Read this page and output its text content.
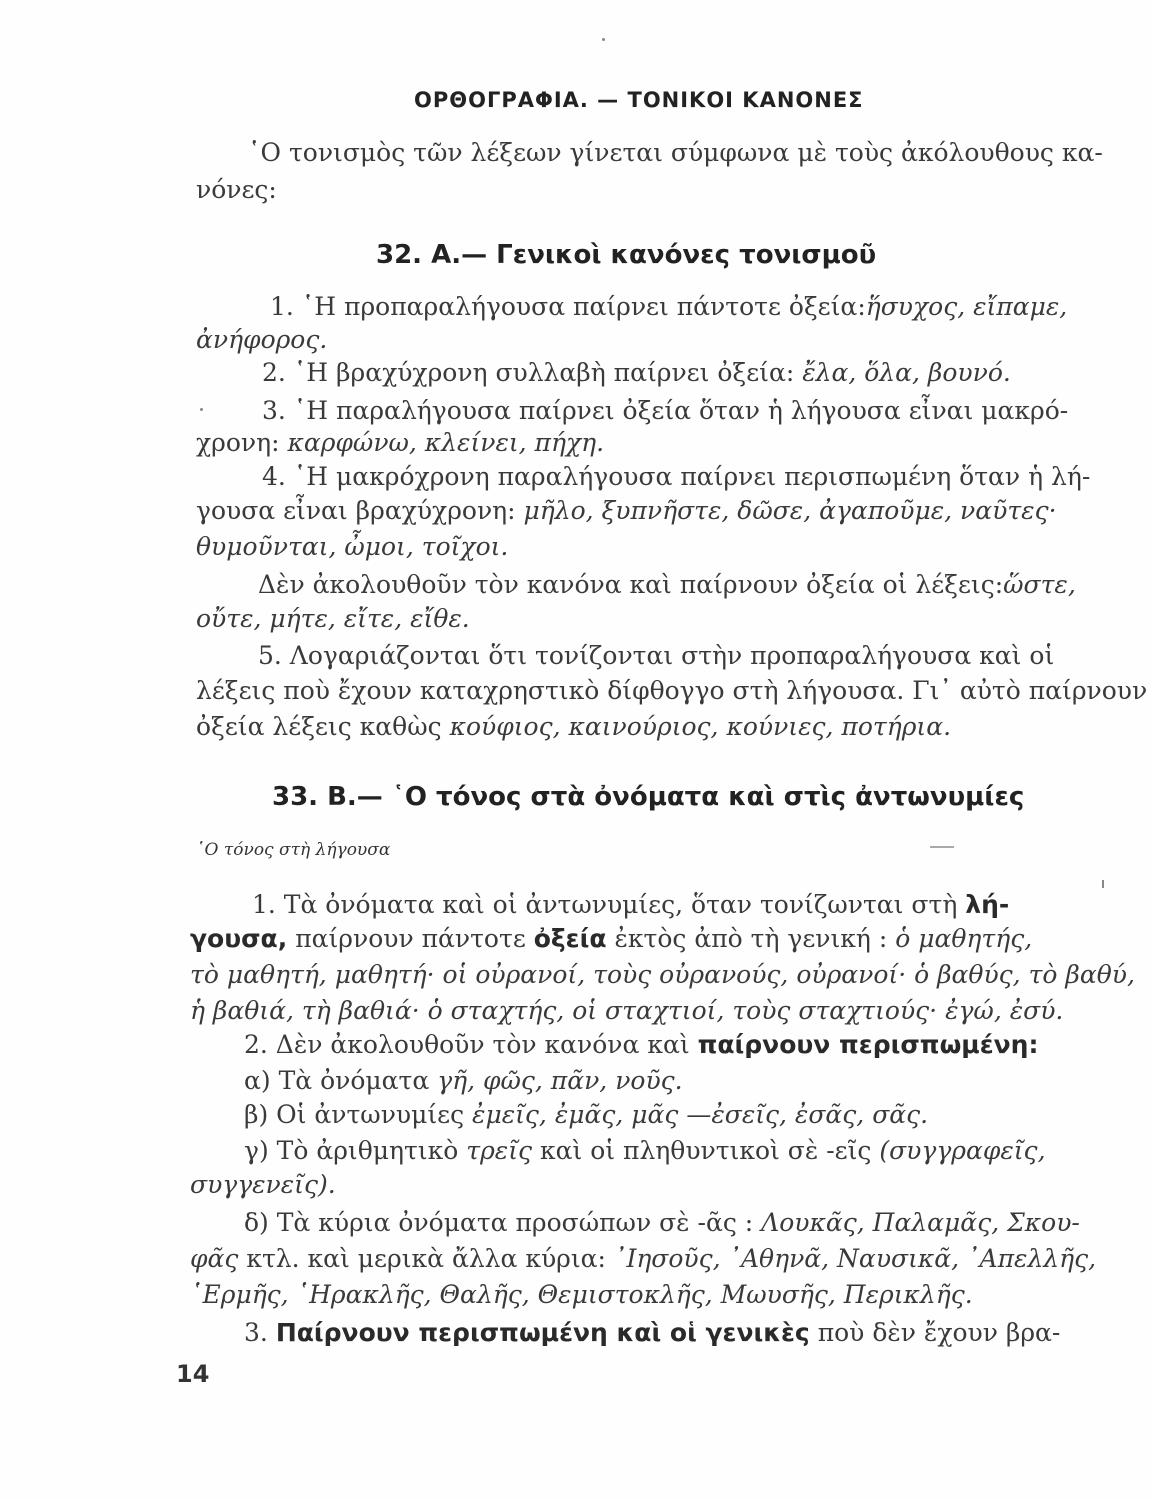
ΟΡΘΟΓΡΑΦΙΑ. — ΤΟΝΙΚΟΙ ΚΑΝΟΝΕΣ
῾Ο τονισμὸς τῶν λέξεων γίνεται σύμφωνα μὲ τοὺς ἀκόλουθους κα-
νόνες:
32. Α.— Γενικοὶ κανόνες τονισμοῦ
1. ῾Η προπαραλήγουσα παίρνει πάντοτε ὀξεία: ἥσυχος, εἴπαμε,
ἀνήφορος.
2. ῾Η βραχύχρονη συλλαβὴ παίρνει ὀξεία: ἔλα, ὅλα, βουνό.
3. ῾Η παραλήγουσα παίρνει ὀξεία ὅταν ἡ λήγουσα εἶναι μακρό-
χρονη: καρφώνω, κλείνει, πήχη.
4. ῾Η μακρόχρονη παραλήγουσα παίρνει περισπωμένη ὅταν ἡ λή-
γουσα εἶναι βραχύχρονη: μῆλο, ξυπνῆστε, δῶσε, ἀγαποῦμε, ναῦτες·
θυμοῦνται, ὦμοι, τοῖχοι.
Δὲν ἀκολουθοῦν τὸν κανόνα καὶ παίρνουν ὀξεία οἱ λέξεις: ὥστε,
οὔτε, μήτε, εἴτε, εἴθε.
5. Λογαριάζονται ὅτι τονίζονται στὴν προπαραλήγουσα καὶ οἱ
λέξεις ποὺ ἔχουν καταχρηστικὸ δίφθογγο στὴ λήγουσα. Γι᾽ αὐτὸ παίρνουν
ὀξεία λέξεις καθὼς κούφιος, καινούριος, κούνιες, ποτήρια.
33. Β.— ῾Ο τόνος στὰ ὀνόματα καὶ στὶς ἀντωνυμίες
῾Ο τόνος στὴ λήγουσα
1. Τὰ ὀνόματα καὶ οἱ ἀντωνυμίες, ὅταν τονίζωνται στὴ λή-
γουσα, παίρνουν πάντοτε ὀξεία ἐκτὸς ἀπὸ τὴ γενική : ὁ μαθητής,
τὸ μαθητή, μαθητή· οἱ οὐρανοί, τοὺς οὐρανούς, οὐρανοί· ὁ βαθύς, τὸ βαθύ,
ἡ βαθιά, τὴ βαθιά· ὁ σταχτής, οἱ σταχτιοί, τοὺς σταχτιούς· ἐγώ, ἐσύ.
2. Δὲν ἀκολουθοῦν τὸν κανόνα καὶ παίρνουν περισπωμένη:
α) Τὰ ὀνόματα γῆ, φῶς, πᾶν, νοῦς.
β) Οἱ ἀντωνυμίες ἐμεῖς, ἐμᾶς, μᾶς —ἐσεῖς, ἐσᾶς, σᾶς.
γ) Τὸ ἀριθμητικὸ τρεῖς καὶ οἱ πληθυντικοὶ σὲ -εῖς (συγγραφεῖς,
συγγενεῖς).
δ) Τὰ κύρια ὀνόματα προσώπων σὲ -ᾶς : Λουκᾶς, Παλαμᾶς, Σκου-
φᾶς κτλ. καὶ μερικὰ ἄλλα κύρια: ᾽Ιησοῦς, ᾽Αθηνᾶ, Ναυσικᾶ, ᾽Απελλῆς,
῾Ερμῆς, ῾Ηρακλῆς, Θαλῆς, Θεμιστοκλῆς, Μωυσῆς, Περικλῆς.
3. Παίρνουν περισπωμένη καὶ οἱ γενικὲς ποὺ δὲν ἔχουν βρα-
14
